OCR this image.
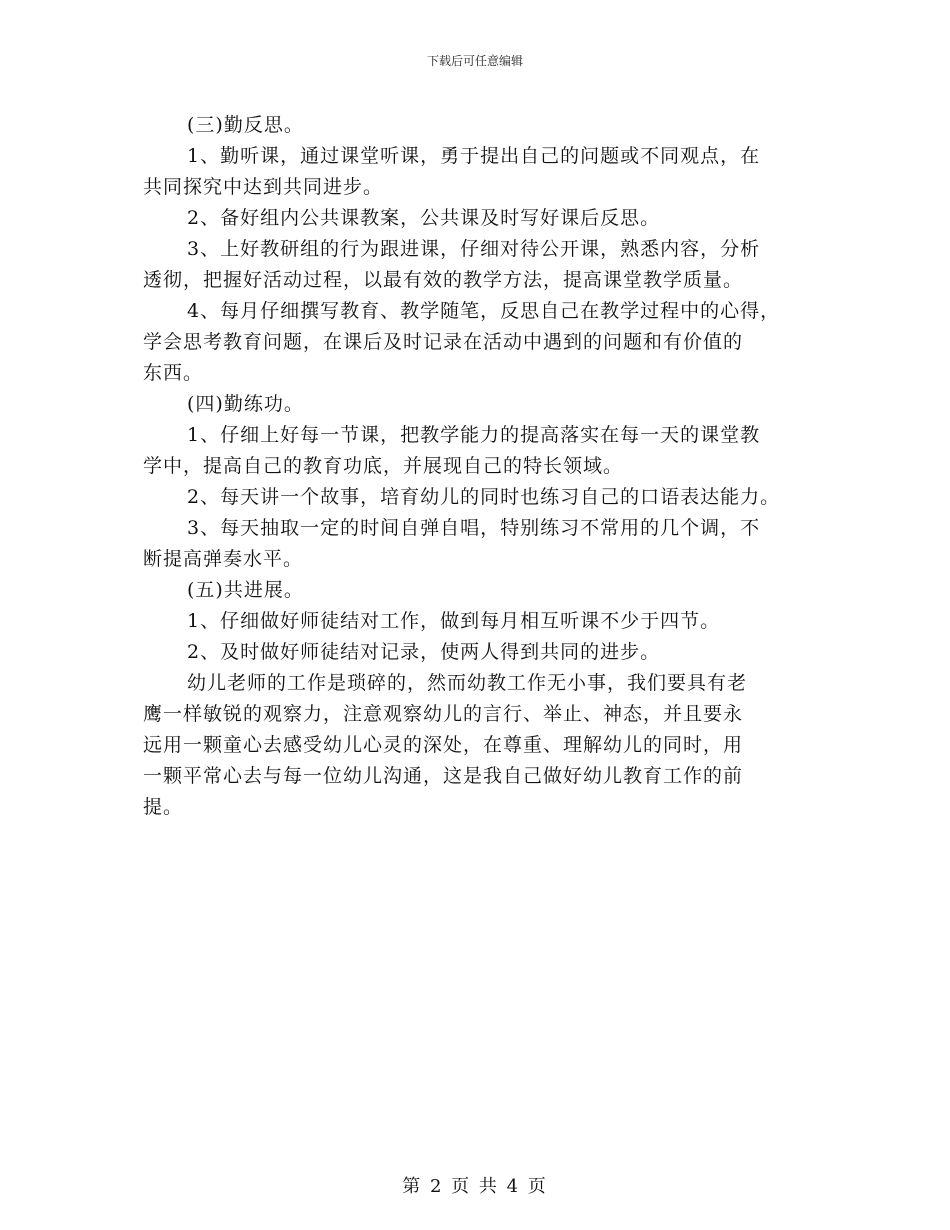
下载后可任意编辑

(三)勤反思。

1、勤听课，通过课堂听课，勇于提出自己的问题或不同观点，在
共同探究中达到共同进步。

2、备好组内公共课教案，公共课及时写好课后反思。

3、上好教研组的行为跟进课，仔细对待公开课，熟悉内容，分析
透彻，把握好活动过程，以最有效的教学方法，提高课堂教学质量。

4、每月仔细撰写教育、教学随笔，反思自己在教学过程中的心得，
学会思考教育问题，在课后及时记录在活动中遇到的问题和有价值的
东西。

(四)勤练功。

1、仔细上好每一节课，把教学能力的提高落实在每一天的课堂教
学中，提高自己的教育功底，并展现自己的特长领域。

2、每天讲一个故事，培育幼儿的同时也练习自己的口语表达能力。

3、每天抽取一定的时间自弹自唱，特别练习不常用的几个调，不
断提高弹奏水平。

(五)共进展。

1、仔细做好师徒结对工作，做到每月相互听课不少于四节。

2、及时做好师徒结对记录，使两人得到共同的进步。

幼儿老师的工作是琐碎的，然而幼教工作无小事，我们要具有老
鹰一样敏锐的观察力，注意观察幼儿的言行、举止、神态，并且要永
远用一颗童心去感受幼儿心灵的深处，在尊重、理解幼儿的同时，用
一颗平常心去与每一位幼儿沟通，这是我自己做好幼儿教育工作的前
提。

第 2 页 共 4 页
